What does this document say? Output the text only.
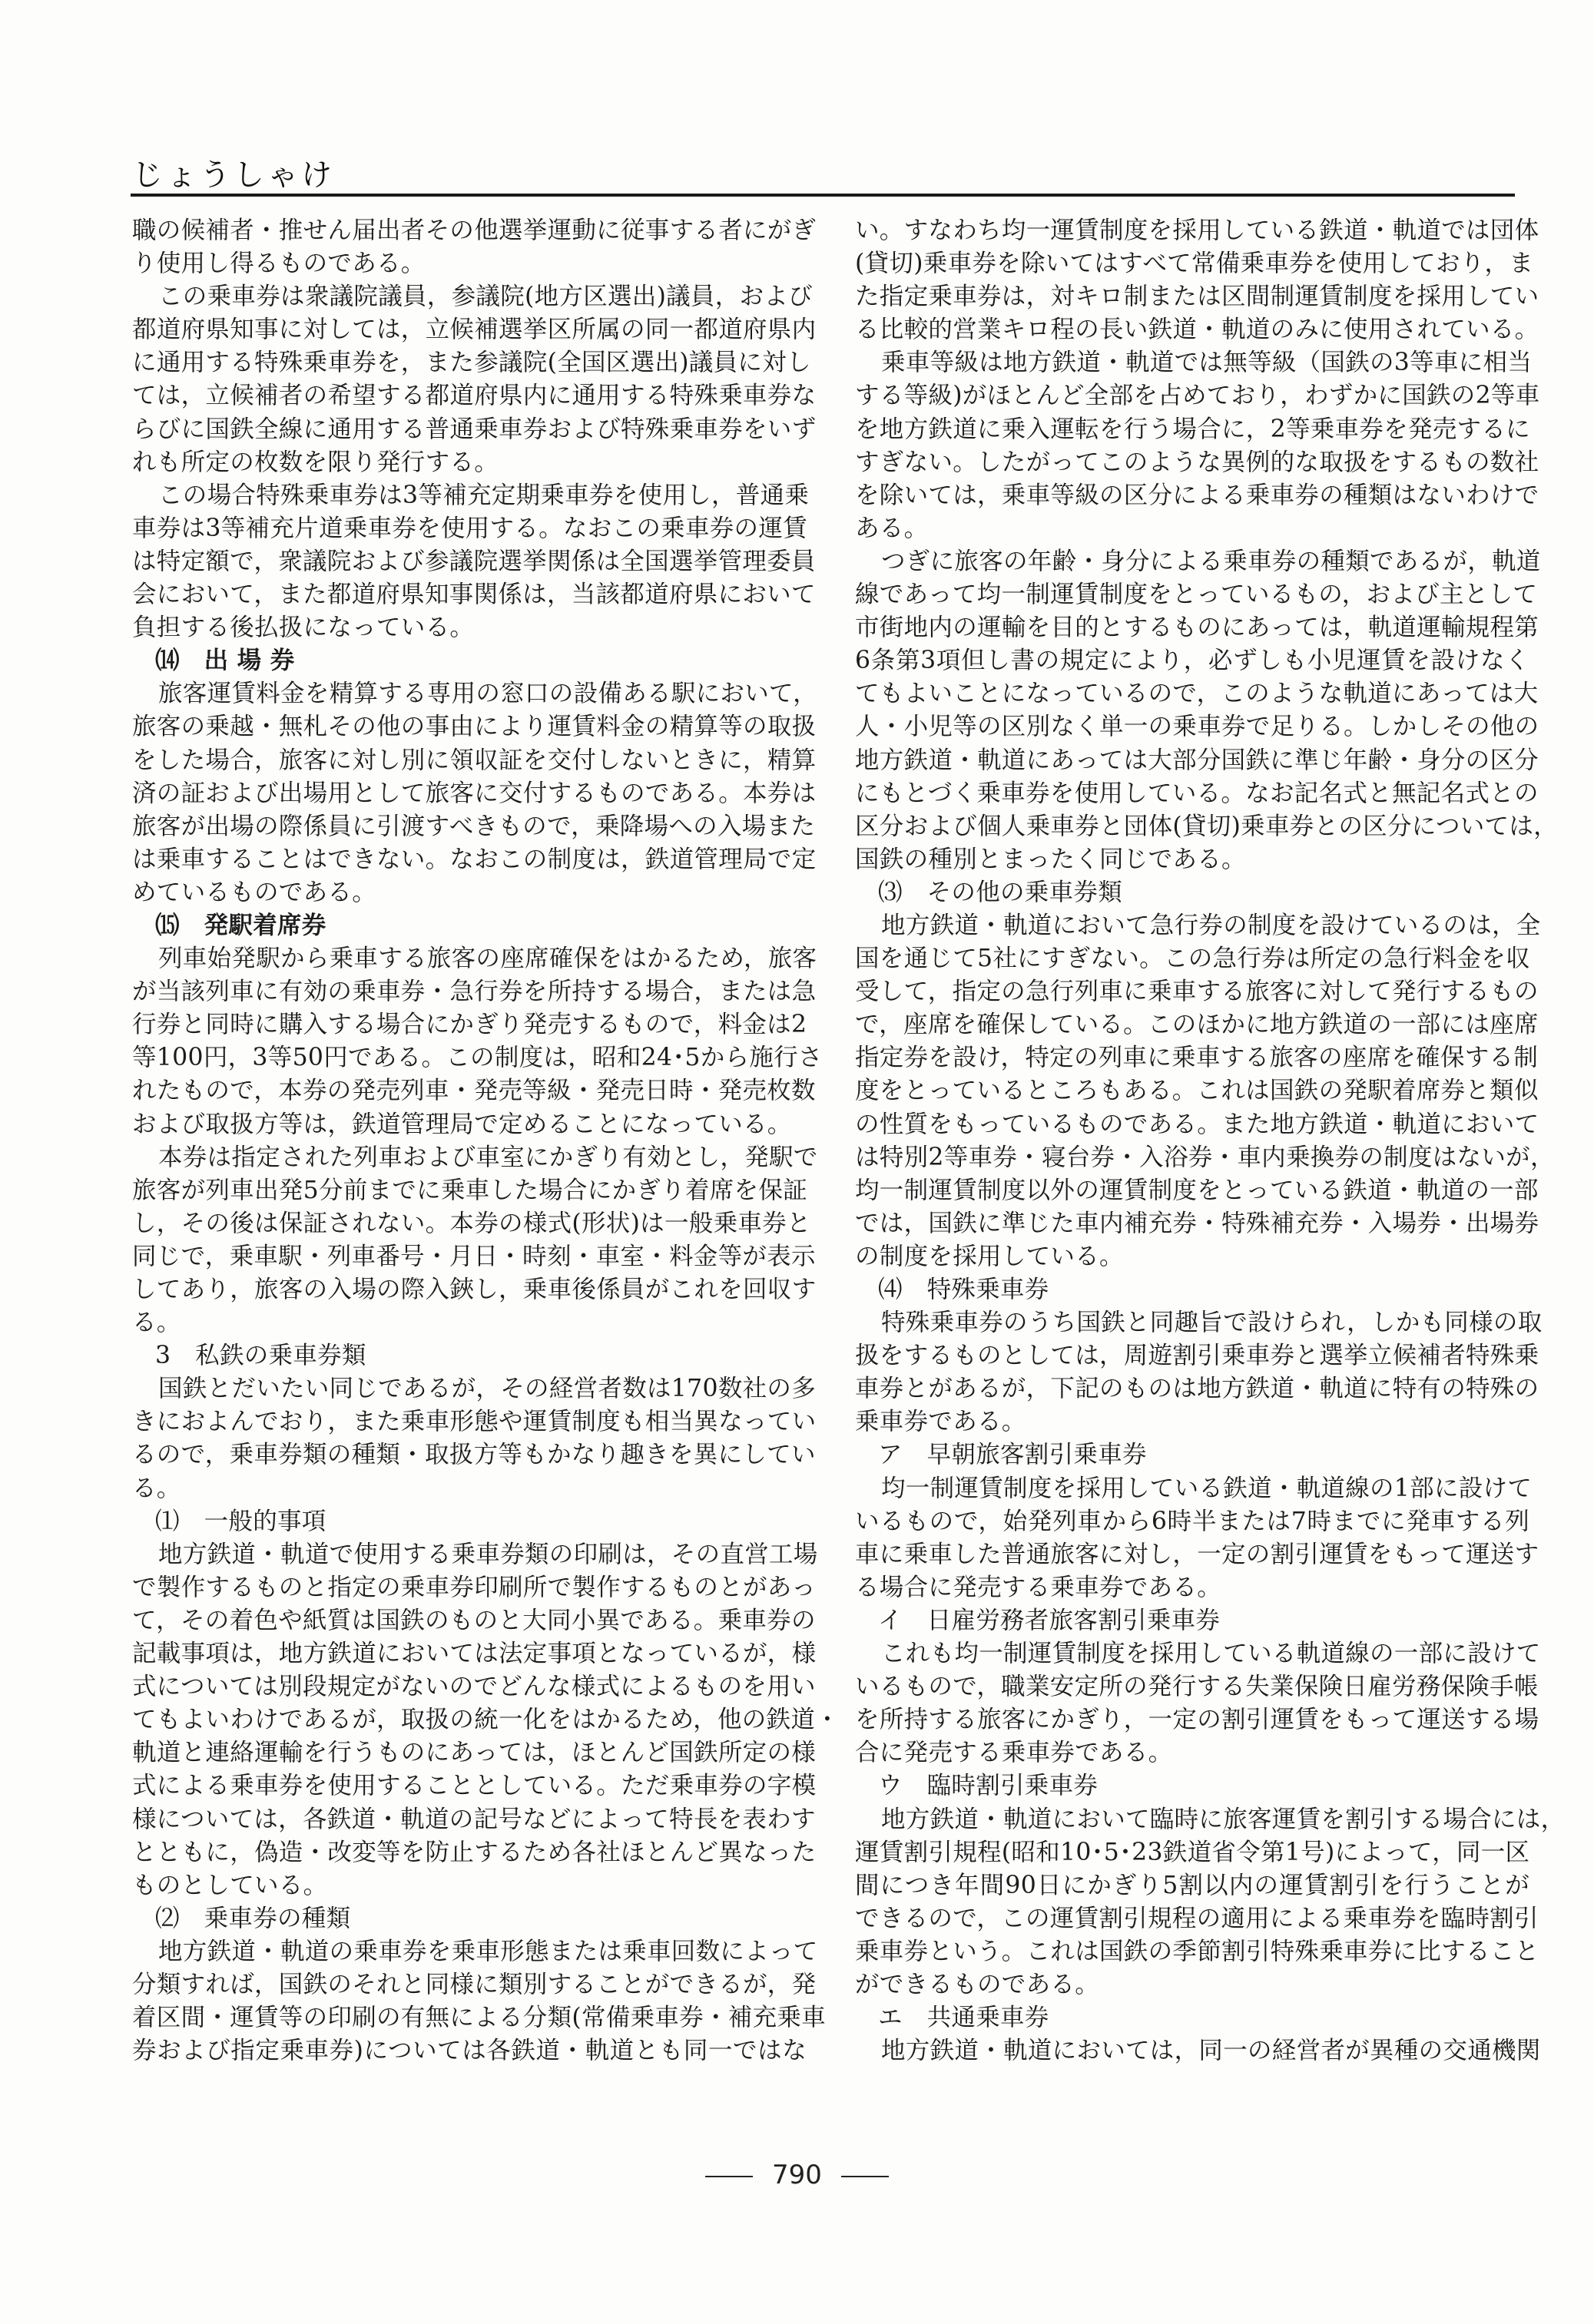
じょうしゃけ
職の候補者・推せん届出者その他選挙運動に従事する者にがぎ
り使用し得るものである。
この乗車券は衆議院議員，参議院(地方区選出)議員，および
都道府県知事に対しては，立候補選挙区所属の同一都道府県内
に通用する特殊乗車券を，また参議院(全国区選出)議員に対し
ては，立候補者の希望する都道府県内に通用する特殊乗車券な
らびに国鉄全線に通用する普通乗車券および特殊乗車券をいず
れも所定の枚数を限り発行する。
この場合特殊乗車券は3等補充定期乗車券を使用し，普通乗
車券は3等補充片道乗車券を使用する。なおこの乗車券の運賃
は特定額で，衆議院および参議院選挙関係は全国選挙管理委員
会において，また都道府県知事関係は，当該都道府県において
負担する後払扱になっている。
⒁　出 場 券
旅客運賃料金を精算する専用の窓口の設備ある駅において，
旅客の乗越・無札その他の事由により運賃料金の精算等の取扱
をした場合，旅客に対し別に領収証を交付しないときに，精算
済の証および出場用として旅客に交付するものである。本券は
旅客が出場の際係員に引渡すべきもので，乗降場への入場また
は乗車することはできない。なおこの制度は，鉄道管理局で定
めているものである。
⒂　発駅着席券
列車始発駅から乗車する旅客の座席確保をはかるため，旅客
が当該列車に有効の乗車券・急行券を所持する場合，または急
行券と同時に購入する場合にかぎり発売するもので，料金は2
等100円，3等50円である。この制度は，昭和24･5から施行さ
れたもので，本券の発売列車・発売等級・発売日時・発売枚数
および取扱方等は，鉄道管理局で定めることになっている。
本券は指定された列車および車室にかぎり有効とし，発駅で
旅客が列車出発5分前までに乗車した場合にかぎり着席を保証
し，その後は保証されない。本券の様式(形状)は一般乗車券と
同じで，乗車駅・列車番号・月日・時刻・車室・料金等が表示
してあり，旅客の入場の際入鋏し，乗車後係員がこれを回収す
る。
3　私鉄の乗車券類
国鉄とだいたい同じであるが，その経営者数は170数社の多
きにおよんでおり，また乗車形態や運賃制度も相当異なってい
るので，乗車券類の種類・取扱方等もかなり趣きを異にしてい
る。
⑴　一般的事項
地方鉄道・軌道で使用する乗車券類の印刷は，その直営工場
で製作するものと指定の乗車券印刷所で製作するものとがあっ
て，その着色や紙質は国鉄のものと大同小異である。乗車券の
記載事項は，地方鉄道においては法定事項となっているが，様
式については別段規定がないのでどんな様式によるものを用い
てもよいわけであるが，取扱の統一化をはかるため，他の鉄道・
軌道と連絡運輸を行うものにあっては，ほとんど国鉄所定の様
式による乗車券を使用することとしている。ただ乗車券の字模
様については，各鉄道・軌道の記号などによって特長を表わす
とともに，偽造・改変等を防止するため各社ほとんど異なった
ものとしている。
⑵　乗車券の種類
地方鉄道・軌道の乗車券を乗車形態または乗車回数によって
分類すれば，国鉄のそれと同様に類別することができるが，発
着区間・運賃等の印刷の有無による分類(常備乗車券・補充乗車
券および指定乗車券)については各鉄道・軌道とも同一ではな
い。すなわち均一運賃制度を採用している鉄道・軌道では団体
(貸切)乗車券を除いてはすべて常備乗車券を使用しており，ま
た指定乗車券は，対キロ制または区間制運賃制度を採用してい
る比較的営業キロ程の長い鉄道・軌道のみに使用されている。
乗車等級は地方鉄道・軌道では無等級（国鉄の3等車に相当
する等級)がほとんど全部を占めており，わずかに国鉄の2等車
を地方鉄道に乗入運転を行う場合に，2等乗車券を発売するに
すぎない。したがってこのような異例的な取扱をするもの数社
を除いては，乗車等級の区分による乗車券の種類はないわけで
ある。
つぎに旅客の年齢・身分による乗車券の種類であるが，軌道
線であって均一制運賃制度をとっているもの，および主として
市街地内の運輸を目的とするものにあっては，軌道運輸規程第
6条第3項但し書の規定により，必ずしも小児運賃を設けなく
てもよいことになっているので，このような軌道にあっては大
人・小児等の区別なく単一の乗車券で足りる。しかしその他の
地方鉄道・軌道にあっては大部分国鉄に準じ年齢・身分の区分
にもとづく乗車券を使用している。なお記名式と無記名式との
区分および個人乗車券と団体(貸切)乗車券との区分については，
国鉄の種別とまったく同じである。
⑶　その他の乗車券類
地方鉄道・軌道において急行券の制度を設けているのは，全
国を通じて5社にすぎない。この急行券は所定の急行料金を収
受して，指定の急行列車に乗車する旅客に対して発行するもの
で，座席を確保している。このほかに地方鉄道の一部には座席
指定券を設け，特定の列車に乗車する旅客の座席を確保する制
度をとっているところもある。これは国鉄の発駅着席券と類似
の性質をもっているものである。また地方鉄道・軌道において
は特別2等車券・寝台券・入浴券・車内乗換券の制度はないが，
均一制運賃制度以外の運賃制度をとっている鉄道・軌道の一部
では，国鉄に準じた車内補充券・特殊補充券・入場券・出場券
の制度を採用している。
⑷　特殊乗車券
特殊乗車券のうち国鉄と同趣旨で設けられ，しかも同様の取
扱をするものとしては，周遊割引乗車券と選挙立候補者特殊乗
車券とがあるが，下記のものは地方鉄道・軌道に特有の特殊の
乗車券である。
ア　早朝旅客割引乗車券
均一制運賃制度を採用している鉄道・軌道線の1部に設けて
いるもので，始発列車から6時半または7時までに発車する列
車に乗車した普通旅客に対し，一定の割引運賃をもって運送す
る場合に発売する乗車券である。
イ　日雇労務者旅客割引乗車券
これも均一制運賃制度を採用している軌道線の一部に設けて
いるもので，職業安定所の発行する失業保険日雇労務保険手帳
を所持する旅客にかぎり，一定の割引運賃をもって運送する場
合に発売する乗車券である。
ウ　臨時割引乗車券
地方鉄道・軌道において臨時に旅客運賃を割引する場合には，
運賃割引規程(昭和10･5･23鉄道省令第1号)によって，同一区
間につき年間90日にかぎり5割以内の運賃割引を行うことが
できるので，この運賃割引規程の適用による乗車券を臨時割引
乗車券という。これは国鉄の季節割引特殊乗車券に比すること
ができるものである。
エ　共通乗車券
地方鉄道・軌道においては，同一の経営者が異種の交通機関
790
